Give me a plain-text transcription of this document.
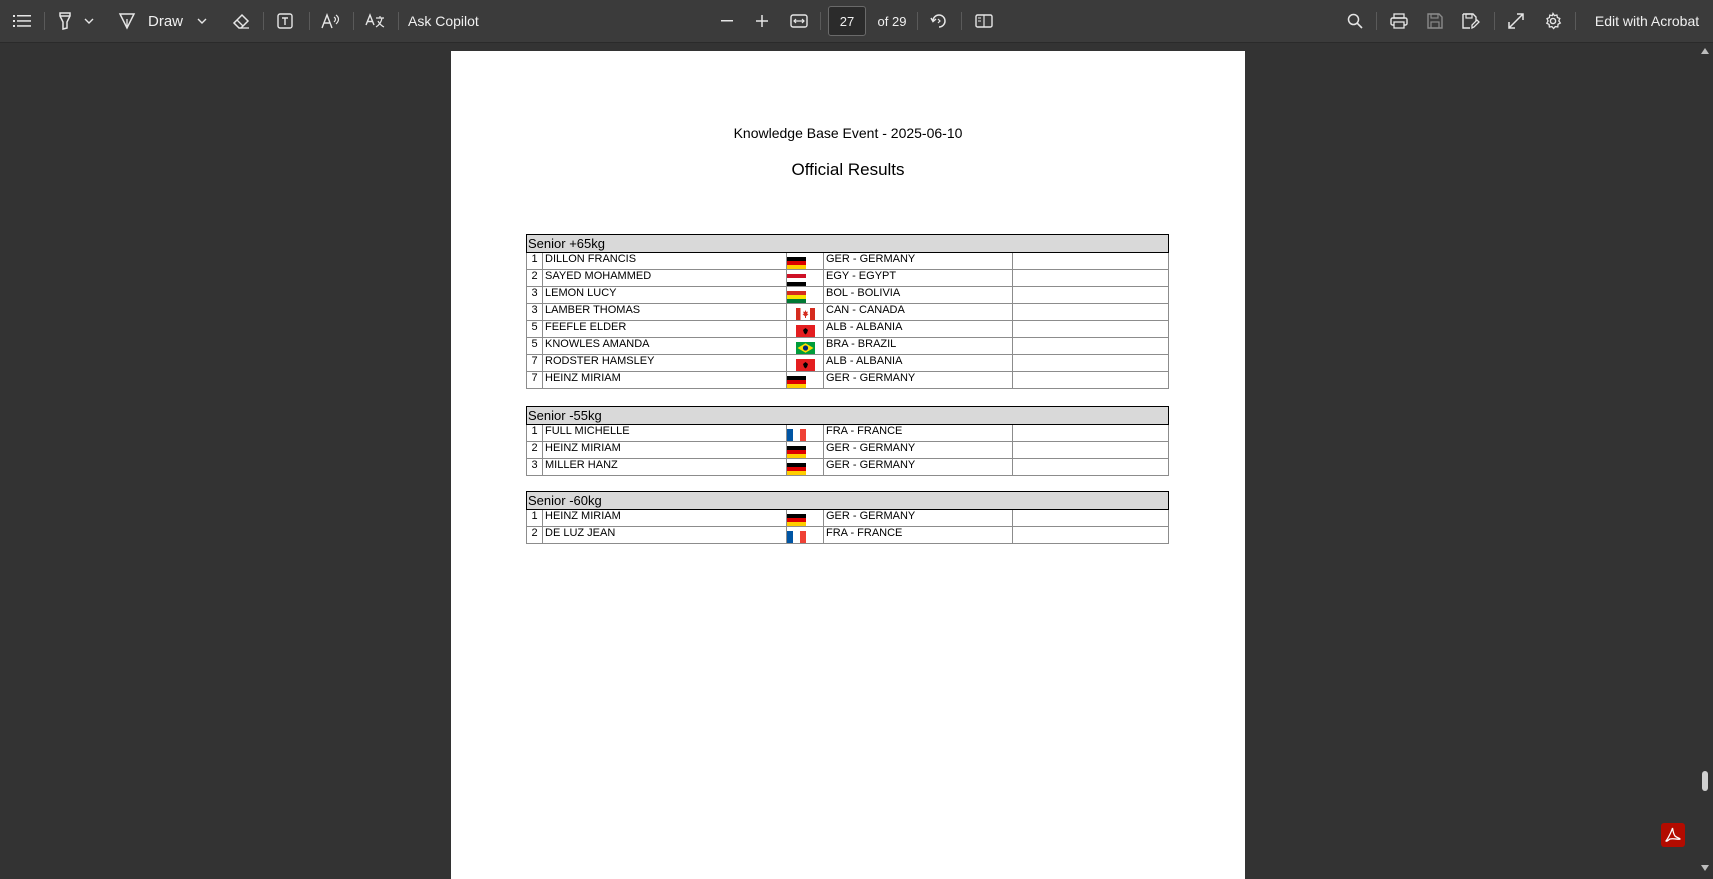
Draw	Ask Copilot
27	of 29	Edit with Acrobat
Knowledge Base Event - 2025-06-10
Official Results
Senior +65kg				
1	DILLON FRANCIS		GER - GERMANY	
2	SAYED MOHAMMED		EGY - EGYPT	
3	LEMON LUCY		BOL - BOLIVIA	
3	LAMBER THOMAS		CAN - CANADA	
5	FEEFLE ELDER		ALB - ALBANIA	
5	KNOWLES AMANDA		BRA - BRAZIL	
7	RODSTER HAMSLEY		ALB - ALBANIA	
7	HEINZ MIRIAM		GER - GERMANY	
Senior -55kg				
1	FULL MICHELLE		FRA - FRANCE	
2	HEINZ MIRIAM		GER - GERMANY	
3	MILLER HANZ		GER - GERMANY	
Senior -60kg				
1	HEINZ MIRIAM		GER - GERMANY	
2	DE LUZ JEAN		FRA - FRANCE	
